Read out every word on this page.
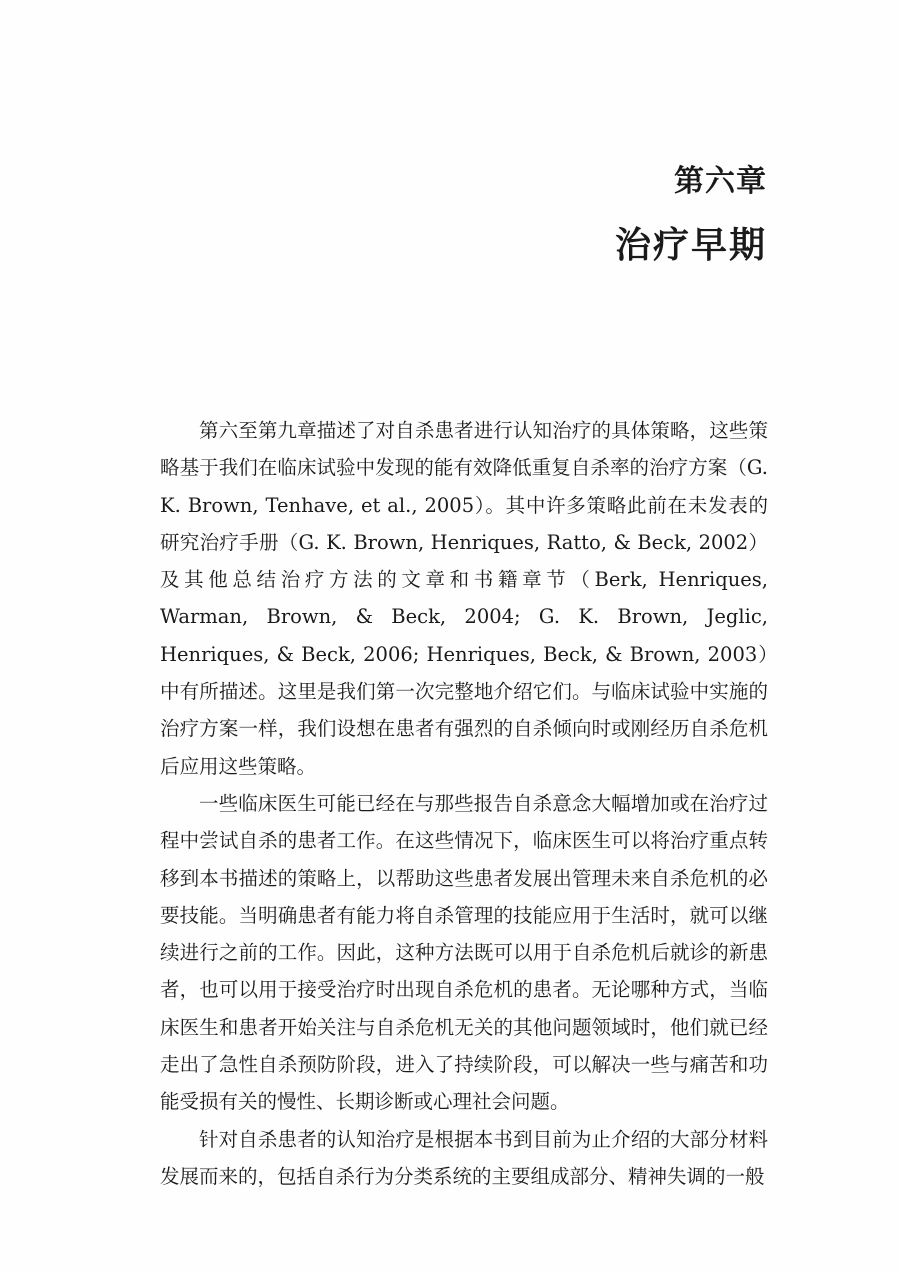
第六章
治疗早期

第六至第九章描述了对自杀患者进行认知治疗的具体策略，这些策略基于我们在临床试验中发现的能有效降低重复自杀率的治疗方案（G. K. Brown, Tenhave, et al., 2005）。其中许多策略此前在未发表的研究治疗手册（G. K. Brown, Henriques, Ratto, & Beck, 2002）及其他总结治疗方法的文章和书籍章节（Berk, Henriques, Warman, Brown, & Beck, 2004; G. K. Brown, Jeglic, Henriques, & Beck, 2006; Henriques, Beck, & Brown, 2003）中有所描述。这里是我们第一次完整地介绍它们。与临床试验中实施的治疗方案一样，我们设想在患者有强烈的自杀倾向时或刚经历自杀危机后应用这些策略。

一些临床医生可能已经在与那些报告自杀意念大幅增加或在治疗过程中尝试自杀的患者工作。在这些情况下，临床医生可以将治疗重点转移到本书描述的策略上，以帮助这些患者发展出管理未来自杀危机的必要技能。当明确患者有能力将自杀管理的技能应用于生活时，就可以继续进行之前的工作。因此，这种方法既可以用于自杀危机后就诊的新患者，也可以用于接受治疗时出现自杀危机的患者。无论哪种方式，当临床医生和患者开始关注与自杀危机无关的其他问题领域时，他们就已经走出了急性自杀预防阶段，进入了持续阶段，可以解决一些与痛苦和功能受损有关的慢性、长期诊断或心理社会问题。

针对自杀患者的认知治疗是根据本书到目前为止介绍的大部分材料发展而来的，包括自杀行为分类系统的主要组成部分、精神失调的一般
